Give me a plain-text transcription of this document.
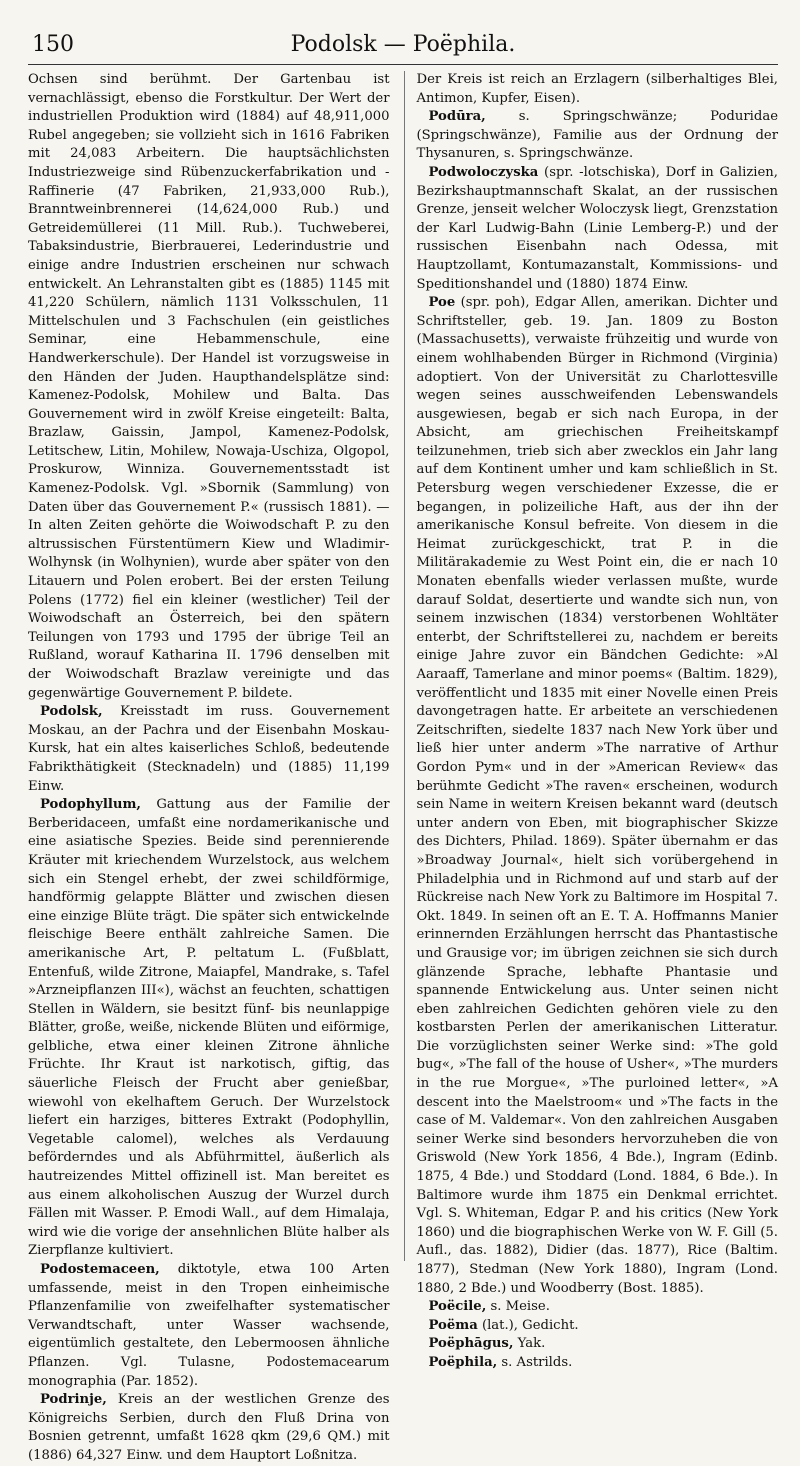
150	Podolsk — Poëphila.

Ochsen sind berühmt. Der Gartenbau ist vernachlässigt, ebenso die Forstkultur. Der Wert der industriellen Produktion wird (1884) auf 48,911,000 Rubel angegeben; sie vollzieht sich in 1616 Fabriken mit 24,083 Arbeitern. Die hauptsächlichsten Industriezweige sind Rübenzuckerfabrikation und -Raffinerie (47 Fabriken, 21,933,000 Rub.), Branntweinbrennerei (14,624,000 Rub.) und Getreidemüllerei (11 Mill. Rub.). Tuchweberei, Tabaksindustrie, Bierbrauerei, Lederindustrie und einige andre Industrien erscheinen nur schwach entwickelt. An Lehranstalten gibt es (1885) 1145 mit 41,220 Schülern, nämlich 1131 Volksschulen, 11 Mittelschulen und 3 Fachschulen (ein geistliches Seminar, eine Hebammenschule, eine Handwerkerschule). Der Handel ist vorzugsweise in den Händen der Juden. Haupthandelsplätze sind: Kamenez-Podolsk, Mohilew und Balta. Das Gouvernement wird in zwölf Kreise eingeteilt: Balta, Brazlaw, Gaissin, Jampol, Kamenez-Podolsk, Letitschew, Litin, Mohilew, Nowaja-Uschiza, Olgopol, Proskurow, Winniza. Gouvernementsstadt ist Kamenez-Podolsk. Vgl. »Sbornik (Sammlung) von Daten über das Gouvernement P.« (russisch 1881). — In alten Zeiten gehörte die Woiwodschaft P. zu den altrussischen Fürstentümern Kiew und Wladimir-Wolhynsk (in Wolhynien), wurde aber später von den Litauern und Polen erobert. Bei der ersten Teilung Polens (1772) fiel ein kleiner (westlicher) Teil der Woiwodschaft an Österreich, bei den spätern Teilungen von 1793 und 1795 der übrige Teil an Rußland, worauf Katharina II. 1796 denselben mit der Woiwodschaft Brazlaw vereinigte und das gegenwärtige Gouvernement P. bildete.

Podolsk, Kreisstadt im russ. Gouvernement Moskau, an der Pachra und der Eisenbahn Moskau-Kursk, hat ein altes kaiserliches Schloß, bedeutende Fabrikthätigkeit (Stecknadeln) und (1885) 11,199 Einw.

Podophyllum, Gattung aus der Familie der Berberidaceen, umfaßt eine nordamerikanische und eine asiatische Spezies. Beide sind perennierende Kräuter mit kriechendem Wurzelstock, aus welchem sich ein Stengel erhebt, der zwei schildförmige, handförmig gelappte Blätter und zwischen diesen eine einzige Blüte trägt. Die später sich entwickelnde fleischige Beere enthält zahlreiche Samen. Die amerikanische Art, P. peltatum L. (Fußblatt, Entenfuß, wilde Zitrone, Maiapfel, Mandrake, s. Tafel »Arzneipflanzen III«), wächst an feuchten, schattigen Stellen in Wäldern, sie besitzt fünf- bis neunlappige Blätter, große, weiße, nickende Blüten und eiförmige, gelbliche, etwa einer kleinen Zitrone ähnliche Früchte. Ihr Kraut ist narkotisch, giftig, das säuerliche Fleisch der Frucht aber genießbar, wiewohl von ekelhaftem Geruch. Der Wurzelstock liefert ein harziges, bitteres Extrakt (Podophyllin, Vegetable calomel), welches als Verdauung beförderndes und als Abführmittel, äußerlich als hautreizendes Mittel offizinell ist. Man bereitet es aus einem alkoholischen Auszug der Wurzel durch Fällen mit Wasser. P. Emodi Wall., auf dem Himalaja, wird wie die vorige der ansehnlichen Blüte halber als Zierpflanze kultiviert.

Podostemaceen, diktotyle, etwa 100 Arten umfassende, meist in den Tropen einheimische Pflanzenfamilie von zweifelhafter systematischer Verwandtschaft, unter Wasser wachsende, eigentümlich gestaltete, den Lebermoosen ähnliche Pflanzen. Vgl. Tulasne, Podostemacearum monographia (Par. 1852).

Podrinje, Kreis an der westlichen Grenze des Königreichs Serbien, durch den Fluß Drina von Bosnien getrennt, umfaßt 1628 qkm (29,6 QM.) mit (1886) 64,327 Einw. und dem Hauptort Loßnitza.

Der Kreis ist reich an Erzlagern (silberhaltiges Blei, Antimon, Kupfer, Eisen).

Podūra, s. Springschwänze; Poduridae (Springschwänze), Familie aus der Ordnung der Thysanuren, s. Springschwänze.

Podwoloczyska (spr. -lotschiska), Dorf in Galizien, Bezirkshauptmannschaft Skalat, an der russischen Grenze, jenseit welcher Woloczysk liegt, Grenzstation der Karl Ludwig-Bahn (Linie Lemberg-P.) und der russischen Eisenbahn nach Odessa, mit Hauptzollamt, Kontumazanstalt, Kommissions- und Speditionshandel und (1880) 1874 Einw.

Poe (spr. poh), Edgar Allen, amerikan. Dichter und Schriftsteller, geb. 19. Jan. 1809 zu Boston (Massachusetts), verwaiste frühzeitig und wurde von einem wohlhabenden Bürger in Richmond (Virginia) adoptiert. Von der Universität zu Charlottesville wegen seines ausschweifenden Lebenswandels ausgewiesen, begab er sich nach Europa, in der Absicht, am griechischen Freiheitskampf teilzunehmen, trieb sich aber zwecklos ein Jahr lang auf dem Kontinent umher und kam schließlich in St. Petersburg wegen verschiedener Exzesse, die er begangen, in polizeiliche Haft, aus der ihn der amerikanische Konsul befreite. Von diesem in die Heimat zurückgeschickt, trat P. in die Militärakademie zu West Point ein, die er nach 10 Monaten ebenfalls wieder verlassen mußte, wurde darauf Soldat, desertierte und wandte sich nun, von seinem inzwischen (1834) verstorbenen Wohltäter enterbt, der Schriftstellerei zu, nachdem er bereits einige Jahre zuvor ein Bändchen Gedichte: »Al Aaraaff, Tamerlane and minor poems« (Baltim. 1829), veröffentlicht und 1835 mit einer Novelle einen Preis davongetragen hatte. Er arbeitete an verschiedenen Zeitschriften, siedelte 1837 nach New York über und ließ hier unter anderm »The narrative of Arthur Gordon Pym« und in der »American Review« das berühmte Gedicht »The raven« erscheinen, wodurch sein Name in weitern Kreisen bekannt ward (deutsch unter andern von Eben, mit biographischer Skizze des Dichters, Philad. 1869). Später übernahm er das »Broadway Journal«, hielt sich vorübergehend in Philadelphia und in Richmond auf und starb auf der Rückreise nach New York zu Baltimore im Hospital 7. Okt. 1849. In seinen oft an E. T. A. Hoffmanns Manier erinnernden Erzählungen herrscht das Phantastische und Grausige vor; im übrigen zeichnen sie sich durch glänzende Sprache, lebhafte Phantasie und spannende Entwickelung aus. Unter seinen nicht eben zahlreichen Gedichten gehören viele zu den kostbarsten Perlen der amerikanischen Litteratur. Die vorzüglichsten seiner Werke sind: »The gold bug«, »The fall of the house of Usher«, »The murders in the rue Morgue«, »The purloined letter«, »A descent into the Maelstroom« und »The facts in the case of M. Valdemar«. Von den zahlreichen Ausgaben seiner Werke sind besonders hervorzuheben die von Griswold (New York 1856, 4 Bde.), Ingram (Edinb. 1875, 4 Bde.) und Stoddard (Lond. 1884, 6 Bde.). In Baltimore wurde ihm 1875 ein Denkmal errichtet. Vgl. S. Whiteman, Edgar P. and his critics (New York 1860) und die biographischen Werke von W. F. Gill (5. Aufl., das. 1882), Didier (das. 1877), Rice (Baltim. 1877), Stedman (New York 1880), Ingram (Lond. 1880, 2 Bde.) und Woodberry (Bost. 1885).

Poëcile, s. Meise.

Poëma (lat.), Gedicht.

Poëphāgus, Yak.

Poëphila, s. Astrilds.
